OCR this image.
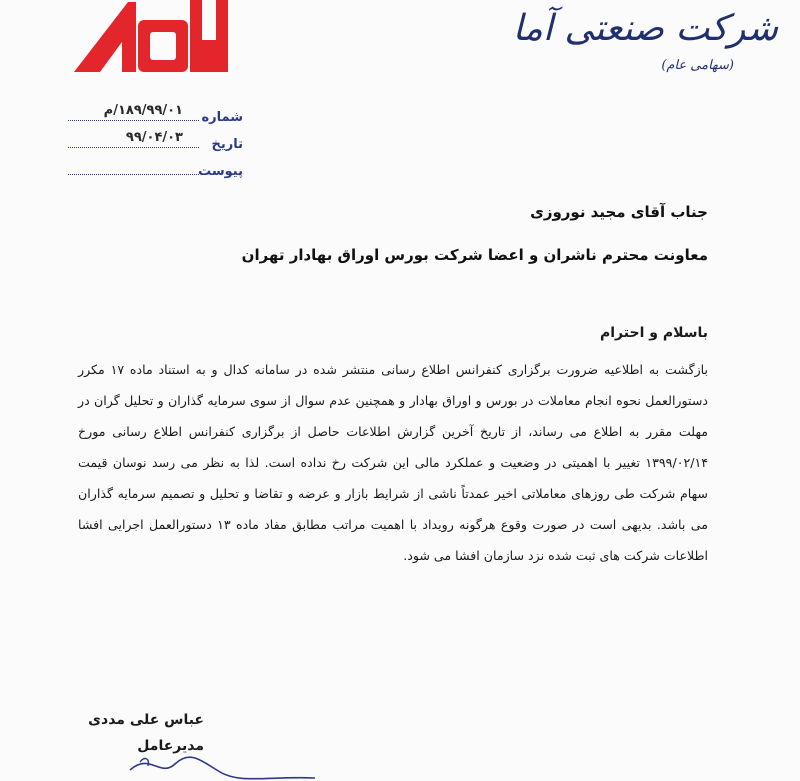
شرکت صنعتی آما
(سهامی عام)
شماره
۱۸۹/۹۹/۰۱/م
تاریخ
۹۹/۰۴/۰۳
پیوست
جناب آقای مجید نوروزی
معاونت محترم ناشران و اعضا شرکت بورس اوراق بهادار تهران
باسلام و احترام
بازگشت به اطلاعیه ضرورت برگزاری کنفرانس اطلاع رسانی منتشر شده در سامانه کدال و به استناد ماده ۱۷ مکرر دستورالعمل نحوه انجام معاملات در بورس و اوراق بهادار و همچنین عدم سوال از سوی سرمایه گذاران و تحلیل گران در مهلت مقرر به اطلاع می رساند، از تاریخ آخرین گزارش اطلاعات حاصل از برگزاری کنفرانس اطلاع رسانی مورخ ۱۳۹۹/۰۲/۱۴ تغییر با اهمیتی در وضعیت و عملکرد مالی این شرکت رخ نداده است. لذا به نظر می رسد نوسان قیمت سهام شرکت طی روزهای معاملاتی اخیر عمدتاً ناشی از شرایط بازار و عرضه و تقاضا و تحلیل و تصمیم سرمایه گذاران می باشد. بدیهی است در صورت وقوع هرگونه رویداد با اهمیت مراتب مطابق مفاد ماده ۱۳ دستورالعمل اجرایی افشا اطلاعات شرکت های ثبت شده نزد سازمان افشا می شود.
عباس علی مددی
مدیرعامل
